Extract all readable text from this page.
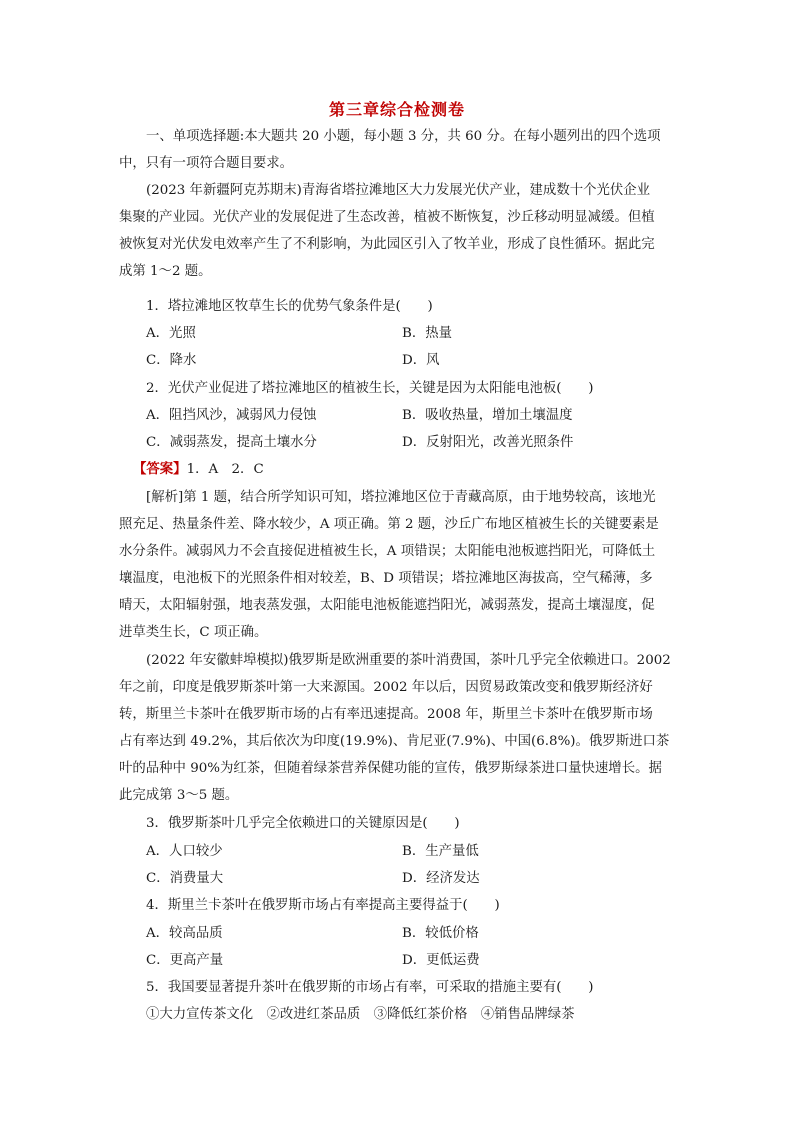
第三章综合检测卷
一、单项选择题:本大题共 20 小题，每小题 3 分，共 60 分。在每小题列出的四个选项
中，只有一项符合题目要求。
(2023 年新疆阿克苏期末)青海省塔拉滩地区大力发展光伏产业，建成数十个光伏企业
集聚的产业园。光伏产业的发展促进了生态改善，植被不断恢复，沙丘移动明显减缓。但植
被恢复对光伏发电效率产生了不利影响，为此园区引入了牧羊业，形成了良性循环。据此完
成第 1～2 题。
1．塔拉滩地区牧草生长的优势气象条件是(　　)
A．光照	B．热量
C．降水	D．风
2．光伏产业促进了塔拉滩地区的植被生长，关键是因为太阳能电池板(　　)
A．阻挡风沙，减弱风力侵蚀	B．吸收热量，增加土壤温度
C．减弱蒸发，提高土壤水分	D．反射阳光，改善光照条件
【答案】1．A　2．C
[解析]第 1 题，结合所学知识可知，塔拉滩地区位于青藏高原，由于地势较高，该地光
照充足、热量条件差、降水较少，A 项正确。第 2 题，沙丘广布地区植被生长的关键要素是
水分条件。减弱风力不会直接促进植被生长，A 项错误；太阳能电池板遮挡阳光，可降低土
壤温度，电池板下的光照条件相对较差，B、D 项错误；塔拉滩地区海拔高，空气稀薄，多
晴天，太阳辐射强，地表蒸发强，太阳能电池板能遮挡阳光，减弱蒸发，提高土壤湿度，促
进草类生长，C 项正确。
(2022 年安徽蚌埠模拟)俄罗斯是欧洲重要的茶叶消费国，茶叶几乎完全依赖进口。2002
年之前，印度是俄罗斯茶叶第一大来源国。2002 年以后，因贸易政策改变和俄罗斯经济好
转，斯里兰卡茶叶在俄罗斯市场的占有率迅速提高。2008 年，斯里兰卡茶叶在俄罗斯市场
占有率达到 49.2%，其后依次为印度(19.9%)、肯尼亚(7.9%)、中国(6.8%)。俄罗斯进口茶
叶的品种中 90%为红茶，但随着绿茶营养保健功能的宣传，俄罗斯绿茶进口量快速增长。据
此完成第 3～5 题。
3．俄罗斯茶叶几乎完全依赖进口的关键原因是(　　)
A．人口较少	B．生产量低
C．消费量大	D．经济发达
4．斯里兰卡茶叶在俄罗斯市场占有率提高主要得益于(　　)
A．较高品质	B．较低价格
C．更高产量	D．更低运费
5．我国要显著提升茶叶在俄罗斯的市场占有率，可采取的措施主要有(　　)
①大力宣传茶文化　②改进红茶品质　③降低红茶价格　④销售品牌绿茶
